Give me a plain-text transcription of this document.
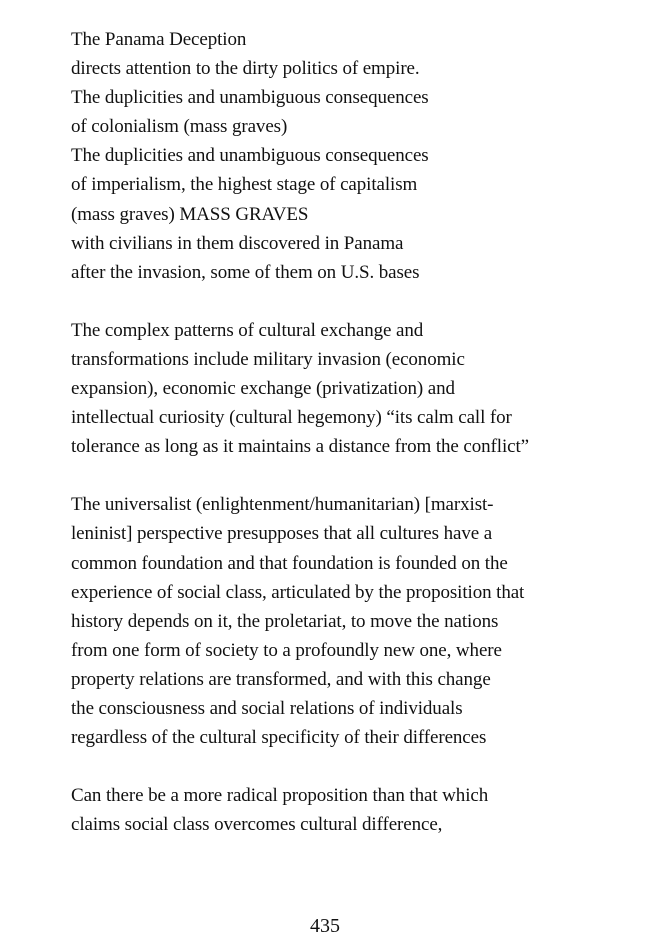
The Panama Deception
directs attention to the dirty politics of empire.
The duplicities and unambiguous consequences
of colonialism (mass graves)
The duplicities and unambiguous consequences
of imperialism, the highest stage of capitalism
(mass graves) MASS GRAVES
with civilians in them discovered in Panama
after the invasion, some of them on U.S. bases
The complex patterns of cultural exchange and
transformations include military invasion (economic
expansion), economic exchange (privatization) and
intellectual curiosity (cultural hegemony) “its calm call for
tolerance as long as it maintains a distance from the conflict”
The universalist (enlightenment/humanitarian) [marxist-
leninist] perspective presupposes that all cultures have a
common foundation and that foundation is founded on the
experience of social class, articulated by the proposition that
history depends on it, the proletariat, to move the nations
from one form of society to a profoundly new one, where
property relations are transformed, and with this change
the consciousness and social relations of individuals
regardless of the cultural specificity of their differences
Can there be a more radical proposition than that which
claims social class overcomes cultural difference,
435
